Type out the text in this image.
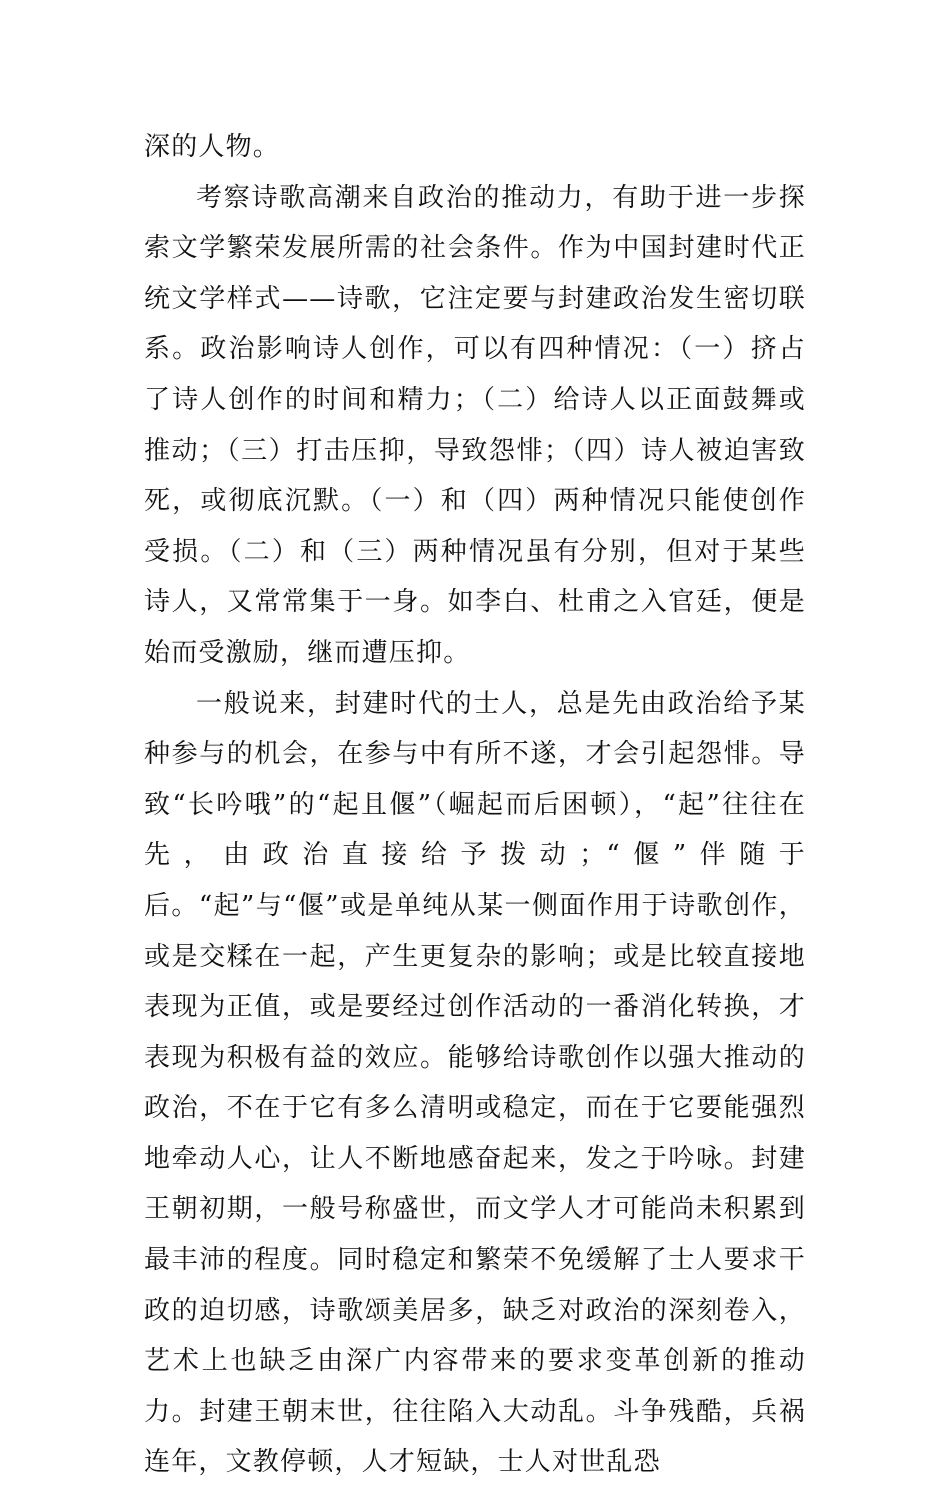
深的人物。

考察诗歌高潮来自政治的推动力，有助于进一步探索文学繁荣发展所需的社会条件。作为中国封建时代正统文学样式——诗歌，它注定要与封建政治发生密切联系。政治影响诗人创作，可以有四种情况：（一）挤占了诗人创作的时间和精力；（二）给诗人以正面鼓舞或推动；（三）打击压抑，导致怨悱；（四）诗人被迫害致死，或彻底沉默。（一）和（四）两种情况只能使创作受损。（二）和（三）两种情况虽有分别，但对于某些诗人，又常常集于一身。如李白、杜甫之入官廷，便是始而受激励，继而遭压抑。

一般说来，封建时代的士人，总是先由政治给予某种参与的机会，在参与中有所不遂，才会引起怨悱。导致“长吟哦”的“起且偃”（崛起而后困顿），“起”往往在先，由政治直接给予拨动；“偃”伴随于后。“起”与“偃”或是单纯从某一侧面作用于诗歌创作，或是交糅在一起，产生更复杂的影响；或是比较直接地表现为正值，或是要经过创作活动的一番消化转换，才表现为积极有益的效应。能够给诗歌创作以强大推动的政治，不在于它有多么清明或稳定，而在于它要能强烈地牵动人心，让人不断地感奋起来，发之于吟咏。封建王朝初期，一般号称盛世，而文学人才可能尚未积累到最丰沛的程度。同时稳定和繁荣不免缓解了士人要求干政的迫切感，诗歌颂美居多，缺乏对政治的深刻卷入，艺术上也缺乏由深广内容带来的要求变革创新的推动力。封建王朝末世，往往陷入大动乱。斗争残酷，兵祸连年，文教停顿，人才短缺，士人对世乱恐
